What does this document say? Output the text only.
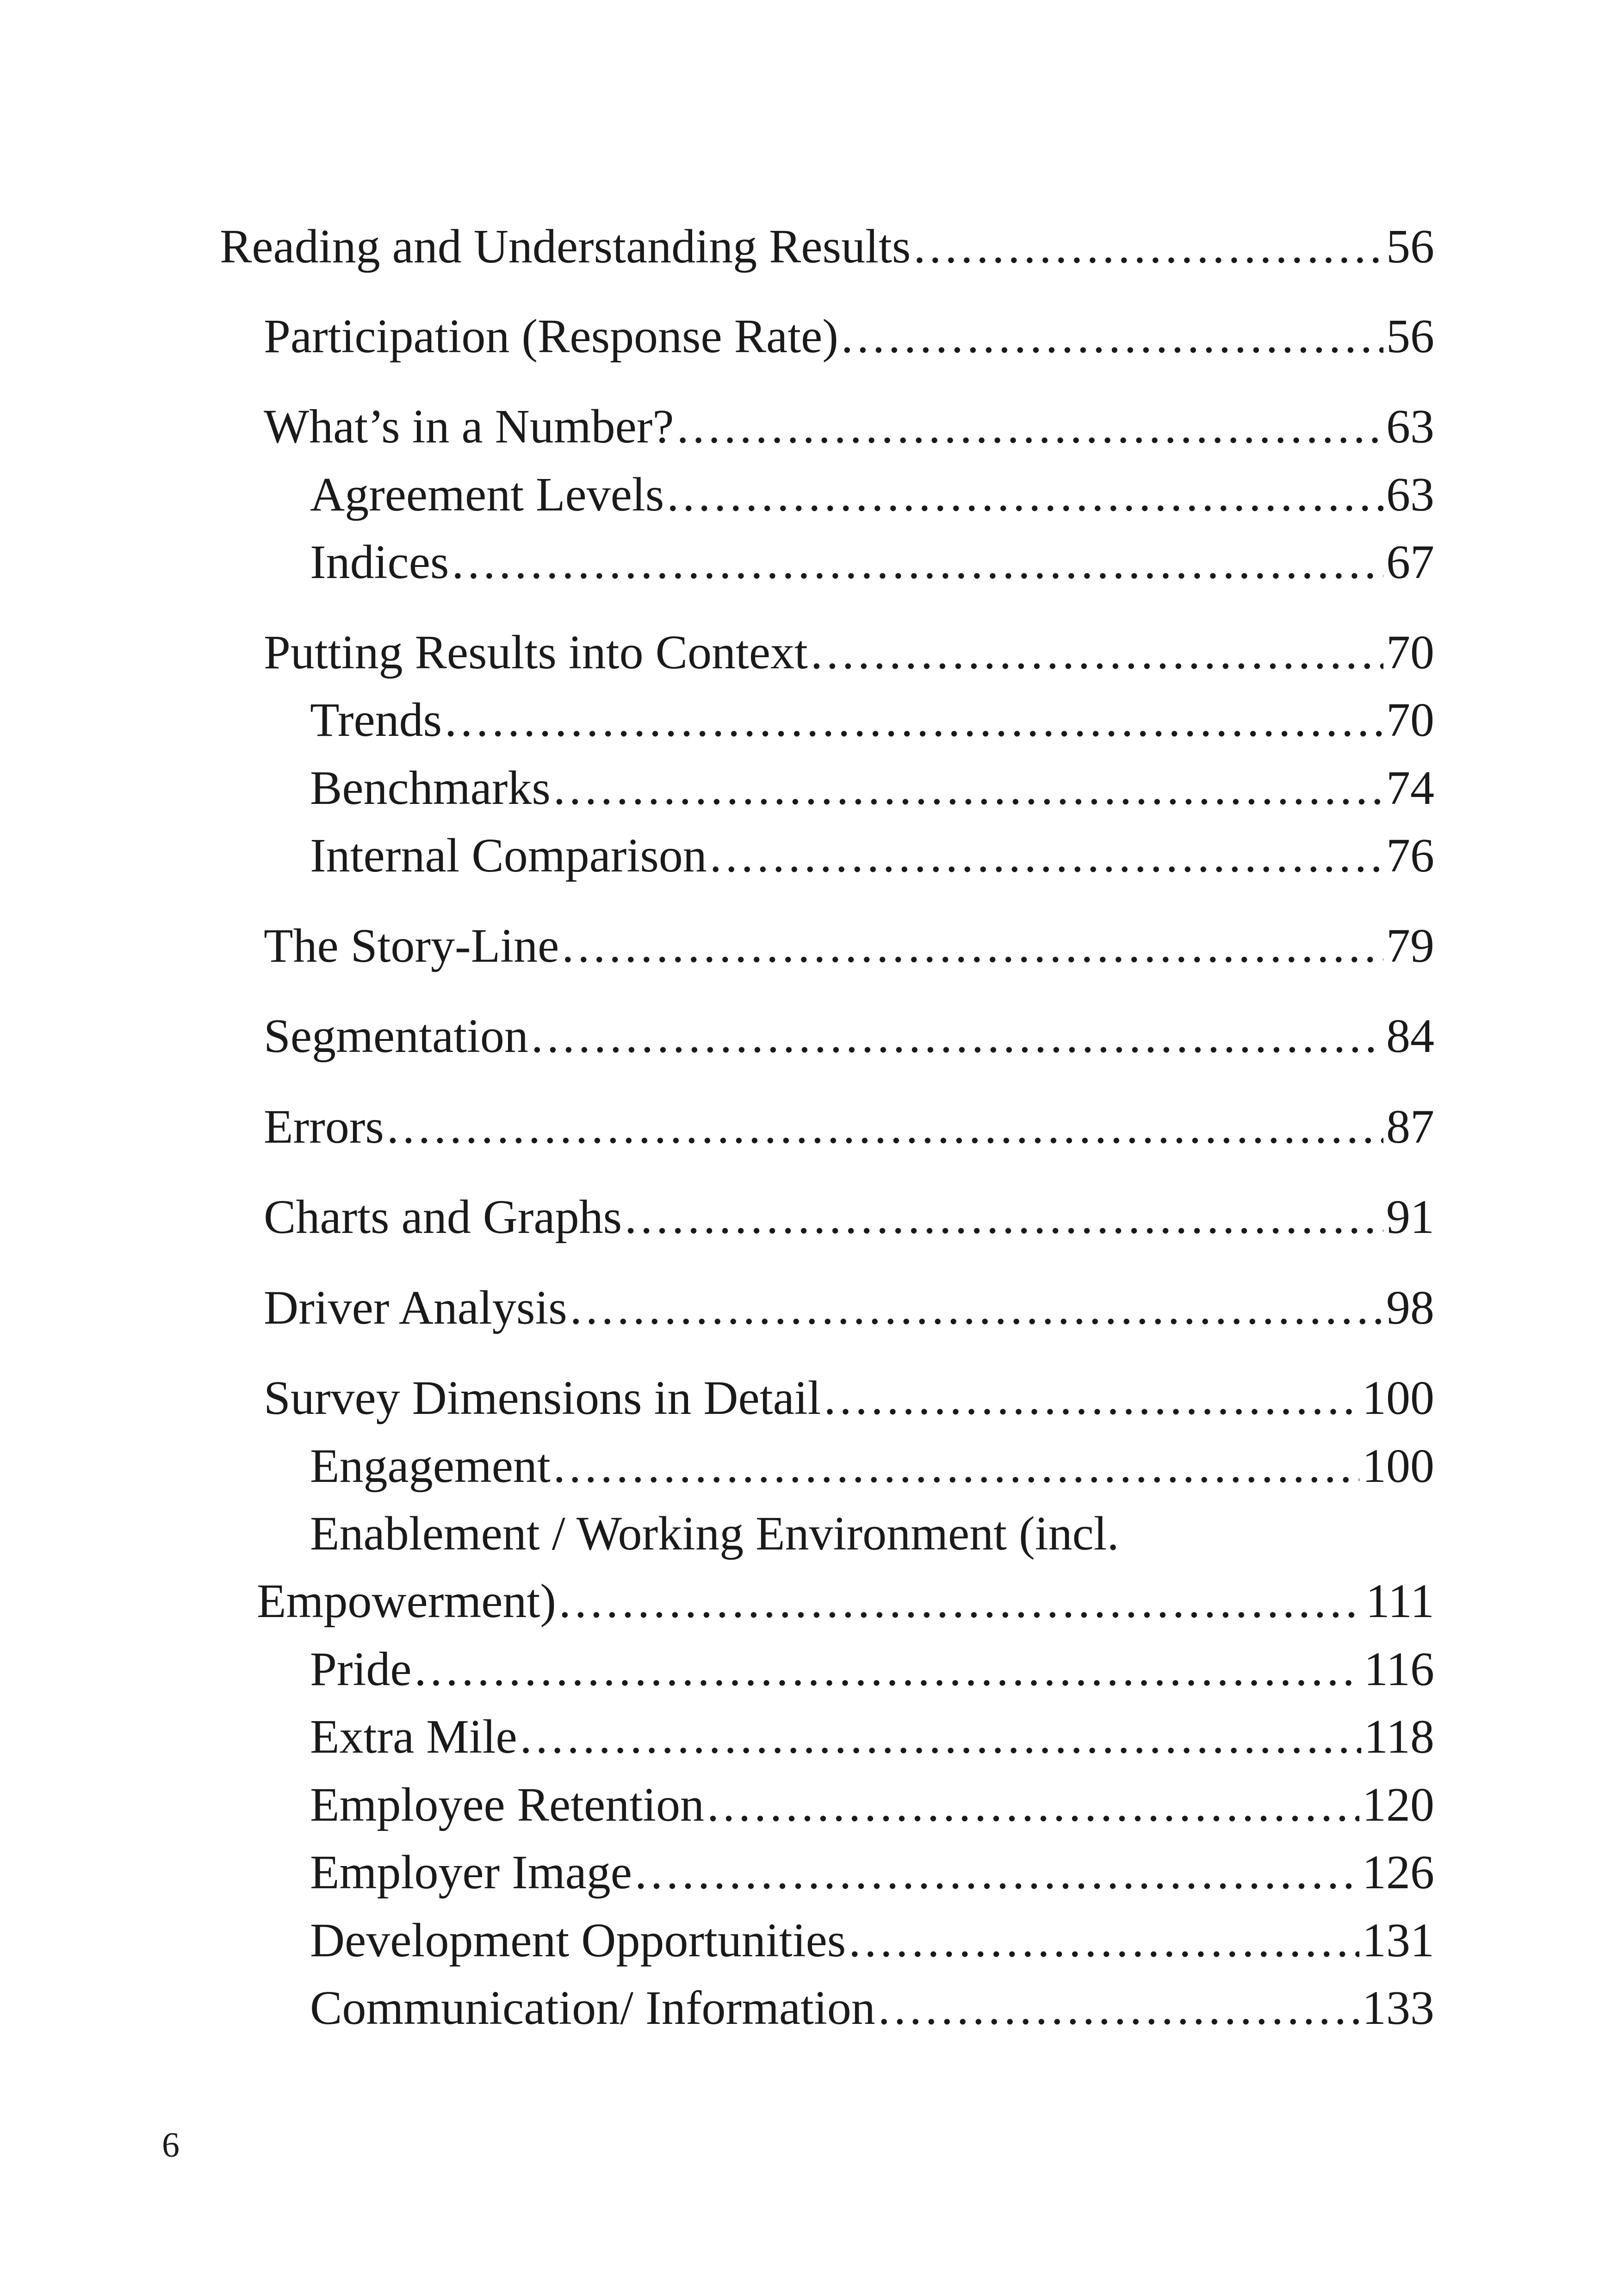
Reading and Understanding Results .....	56
Participation (Response Rate) .....	56
What’s in a Number? .....	63
Agreement Levels .....	63
Indices .....	67
Putting Results into Context .....	70
Trends .....	70
Benchmarks .....	74
Internal Comparison .....	76
The Story-Line .....	79
Segmentation .....	84
Errors .....	87
Charts and Graphs .....	91
Driver Analysis .....	98
Survey Dimensions in Detail .....	100
Engagement .....	100
Enablement / Working Environment (incl.
Empowerment) .....	111
Pride .....	116
Extra Mile .....	118
Employee Retention .....	120
Employer Image .....	126
Development Opportunities .....	131
Communication/ Information .....	133
6
